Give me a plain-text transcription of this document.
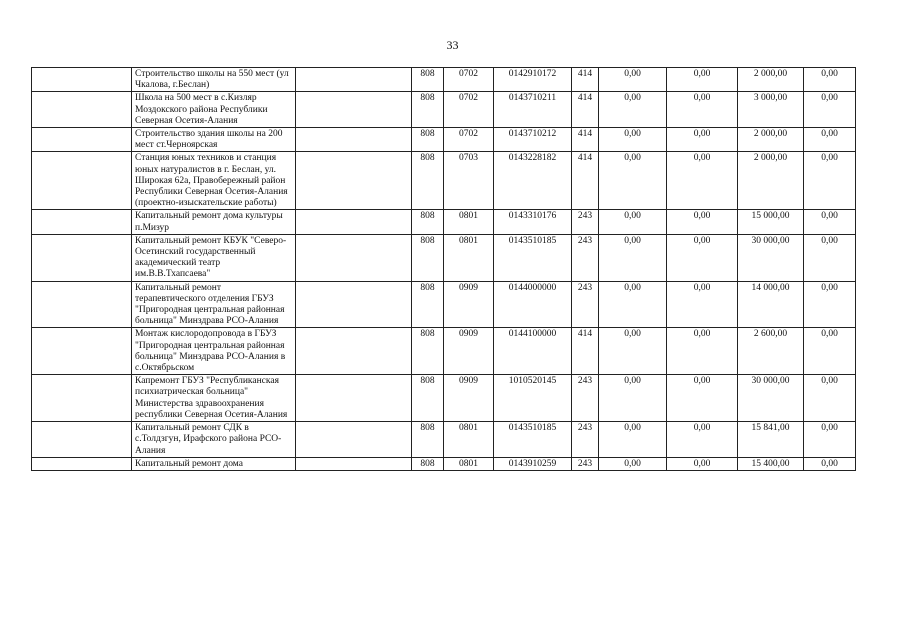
33
	Строительство школы на 550 мест (ул Чкалова, г.Беслан)		808	0702	0142910172	414	0,00	0,00	2 000,00	0,00
	Школа на 500 мест в с.Кизляр Моздокского района Республики Северная Осетия-Алания		808	0702	0143710211	414	0,00	0,00	3 000,00	0,00
	Строительство здания школы на 200 мест ст.Черноярская		808	0702	0143710212	414	0,00	0,00	2 000,00	0,00
	Станция юных техников и станция юных натуралистов в г. Беслан, ул. Широкая 62а, Правобережный район Республики Северная Осетия-Алания (проектно-изыскательские работы)		808	0703	0143228182	414	0,00	0,00	2 000,00	0,00
	Капитальный ремонт дома культуры п.Мизур		808	0801	0143310176	243	0,00	0,00	15 000,00	0,00
	Капитальный ремонт КБУК "Северо-Осетинский государственный академический театр им.В.В.Тхапсаева"		808	0801	0143510185	243	0,00	0,00	30 000,00	0,00
	Капитальный ремонт терапевтического отделения ГБУЗ "Пригородная центральная районная больница" Минздрава РСО-Алания		808	0909	0144000000	243	0,00	0,00	14 000,00	0,00
	Монтаж кислородопровода в ГБУЗ "Пригородная центральная районная больница" Минздрава РСО-Алания в с.Октябрьском		808	0909	0144100000	414	0,00	0,00	2 600,00	0,00
	Капремонт ГБУЗ "Республиканская психиатрическая больница" Министерства здравоохранения республики Северная Осетия-Алания		808	0909	1010520145	243	0,00	0,00	30 000,00	0,00
	Капитальный ремонт СДК в с.Толдзгун, Ирафского района РСО-Алания		808	0801	0143510185	243	0,00	0,00	15 841,00	0,00
	Капитальный ремонт дома		808	0801	0143910259	243	0,00	0,00	15 400,00	0,00
